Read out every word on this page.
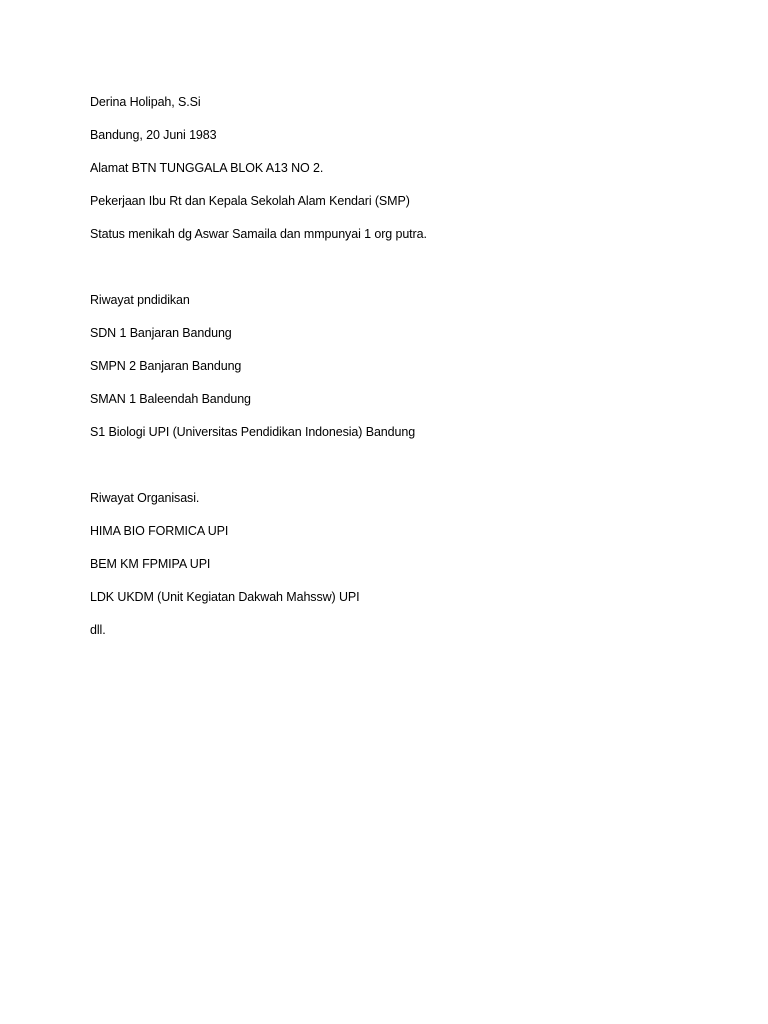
Derina Holipah, S.Si
Bandung, 20 Juni 1983
Alamat BTN TUNGGALA BLOK A13 NO 2.
Pekerjaan Ibu Rt dan Kepala Sekolah Alam Kendari (SMP)
Status menikah dg Aswar Samaila dan mmpunyai 1 org putra.
Riwayat pndidikan
SDN 1 Banjaran Bandung
SMPN 2 Banjaran Bandung
SMAN 1 Baleendah Bandung
S1 Biologi UPI (Universitas Pendidikan Indonesia) Bandung
Riwayat Organisasi.
HIMA BIO FORMICA UPI
BEM KM FPMIPA UPI
LDK UKDM (Unit Kegiatan Dakwah Mahssw) UPI
dll.
